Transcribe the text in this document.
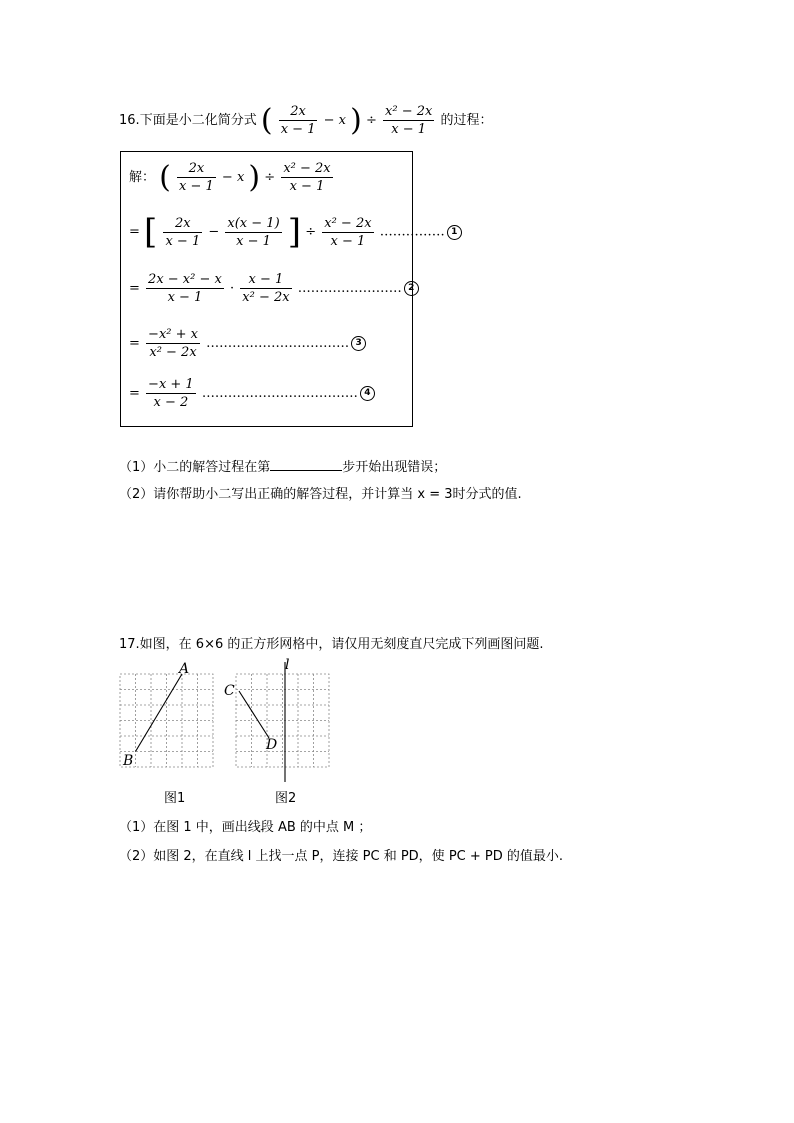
16.下面是小二化简分式 ( $\frac{2x}{x - 1} - x$ ) ÷ $\frac{\text{x² − 2x}}{x - 1}$ 的过程：
解： ( $\frac{2x}{x - 1} - x$ ) ÷ $\frac{\text{x² − 2x}}{x - 1}$
= [ $\frac{2x}{x - 1} - \frac{x(x - 1)}{x - 1}$ ] ÷ $\frac{\text{x² − 2x}}{x - 1}$ …………… 1
= $\frac{\text{2x − x² − x}}{x - 1} \cdot \frac{x - 1}{\text{x² − 2x}}$ …………………… 2
= $\frac{\text{−x² + x}}{\text{x² − 2x}}$ …………………………… 3
= $\frac{-x + 1}{x - 2}$ ……………………………… 4
（1）小二的解答过程在第	步开始出现错误；
（2）请你帮助小二写出正确的解答过程，并计算当 x = 3时分式的值.
17.如图，在 6×6 的正方形网格中，请仅用无刻度直尺完成下列画图问题.
A
B
图1
l
C
D
图2
（1）在图 1 中，画出线段 AB 的中点 M ；
（2）如图 2，在直线 l 上找一点 P，连接 PC 和 PD，使 PC + PD 的值最小.
